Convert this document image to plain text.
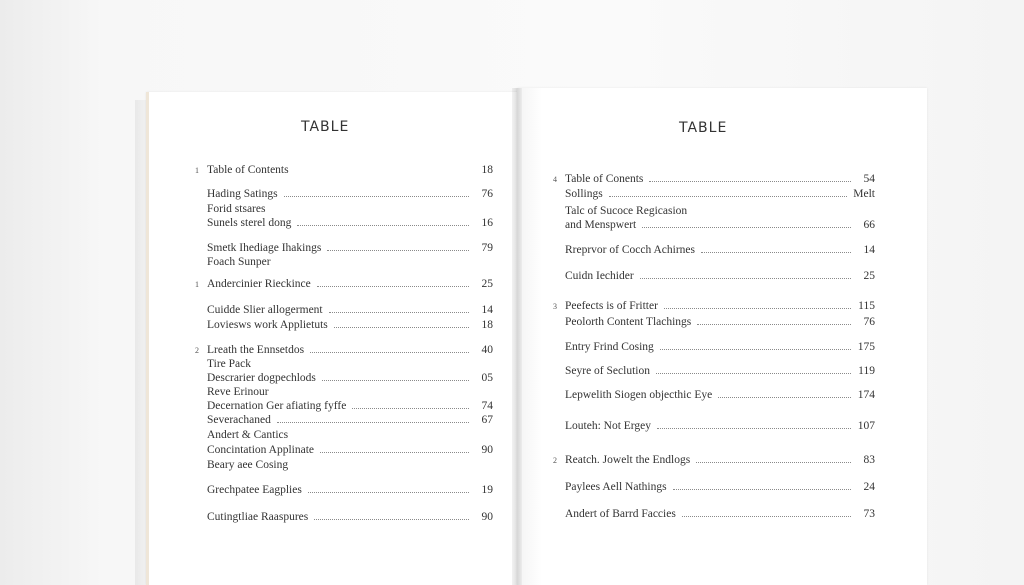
TABLE
1 Table of Contents	18
Hading Satings	76
Forid stsares
Sunels sterel dong	16
Smetk Ihediage Ihakings	79
Foach Sunper
1 Andercinier Rieckince	25
Cuidde Slier allogerment	14
Loviesws work Applietuts	18
2 Lreath the Ennsetdos	40
Tire Pack
Descrarier dogpechlods	05
Reve Erinour
Decernation Ger afiating fyffe	74
Severachaned	67
Andert & Cantics
Concintation Applinate	90
Beary aee Cosing
Grechpatee Eagplies	19
Cutingtliae Raaspures	90
TABLE
4 Table of Conents	54
Sollings	Melt
Talc of Sucoce Regicasion
and Menspwert	66
Rreprvor of Cocch Achirnes	14
Cuidn Iechider	25
3 Peefects is of Fritter	115
Peolorth Content Tlachings	76
Entry Frind Cosing	175
Seyre of Seclution	119
Lepwelith Siogen objecthic Eye	174
Louteh: Not Ergey	107
2 Reatch. Jowelt the Endlogs	83
Paylees Aell Nathings	24
Andert of Barrd Faccies	73
